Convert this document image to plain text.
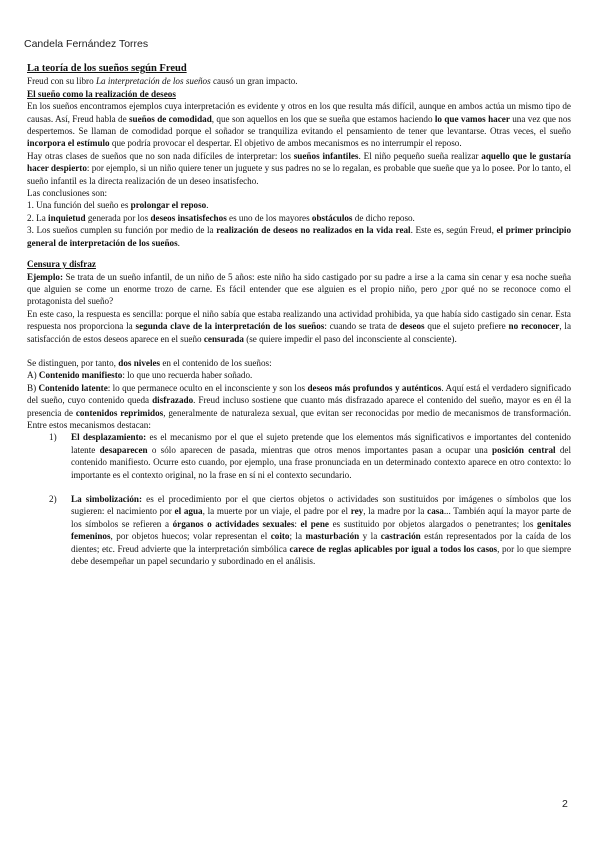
Candela Fernández Torres

La teoría de los sueños según Freud

Freud con su libro La interpretación de los sueños causó un gran impacto.

El sueño como la realización de deseos

En los sueños encontramos ejemplos cuya interpretación es evidente y otros en los que resulta más difícil, aunque en ambos actúa un mismo tipo de causas. Así, Freud habla de sueños de comodidad, que son aquellos en los que se sueña que estamos haciendo lo que vamos hacer una vez que nos despertemos. Se llaman de comodidad porque el soñador se tranquiliza evitando el pensamiento de tener que levantarse. Otras veces, el sueño incorpora el estímulo que podría provocar el despertar. El objetivo de ambos mecanismos es no interrumpir el reposo.

Hay otras clases de sueños que no son nada difíciles de interpretar: los sueños infantiles. El niño pequeño sueña realizar aquello que le gustaría hacer despierto: por ejemplo, si un niño quiere tener un juguete y sus padres no se lo regalan, es probable que sueñe que ya lo posee. Por lo tanto, el sueño infantil es la directa realización de un deseo insatisfecho.

Las conclusiones son:

1. Una función del sueño es prolongar el reposo.

2. La inquietud generada por los deseos insatisfechos es uno de los mayores obstáculos de dicho reposo.

3. Los sueños cumplen su función por medio de la realización de deseos no realizados en la vida real. Este es, según Freud, el primer principio general de interpretación de los sueños.

Censura y disfraz

Ejemplo: Se trata de un sueño infantil, de un niño de 5 años: este niño ha sido castigado por su padre a irse a la cama sin cenar y esa noche sueña que alguien se come un enorme trozo de carne. Es fácil entender que ese alguien es el propio niño, pero ¿por qué no se reconoce como el protagonista del sueño?

En este caso, la respuesta es sencilla: porque el niño sabía que estaba realizando una actividad prohibida, ya que había sido castigado sin cenar. Esta respuesta nos proporciona la segunda clave de la interpretación de los sueños: cuando se trata de deseos que el sujeto prefiere no reconocer, la satisfacción de estos deseos aparece en el sueño censurada (se quiere impedir el paso del inconsciente al consciente).

Se distinguen, por tanto, dos niveles en el contenido de los sueños:

A) Contenido manifiesto: lo que uno recuerda haber soñado.

B) Contenido latente: lo que permanece oculto en el inconsciente y son los deseos más profundos y auténticos. Aquí está el verdadero significado del sueño, cuyo contenido queda disfrazado. Freud incluso sostiene que cuanto más disfrazado aparece el contenido del sueño, mayor es en él la presencia de contenidos reprimidos, generalmente de naturaleza sexual, que evitan ser reconocidas por medio de mecanismos de transformación. Entre estos mecanismos destacan:

1)	El desplazamiento: es el mecanismo por el que el sujeto pretende que los elementos más significativos e importantes del contenido latente desaparecen o sólo aparecen de pasada, mientras que otros menos importantes pasan a ocupar una posición central del contenido manifiesto. Ocurre esto cuando, por ejemplo, una frase pronunciada en un determinado contexto aparece en otro contexto: lo importante es el contexto original, no la frase en sí ni el contexto secundario.
2)	La simbolización: es el procedimiento por el que ciertos objetos o actividades son sustituidos por imágenes o símbolos que los sugieren: el nacimiento por el agua, la muerte por un viaje, el padre por el rey, la madre por la casa... También aquí la mayor parte de los símbolos se refieren a órganos o actividades sexuales: el pene es sustituido por objetos alargados o penetrantes; los genitales femeninos, por objetos huecos; volar representan el coito; la masturbación y la castración están representados por la caída de los dientes; etc. Freud advierte que la interpretación simbólica carece de reglas aplicables por igual a todos los casos, por lo que siempre debe desempeñar un papel secundario y subordinado en el análisis.
2
